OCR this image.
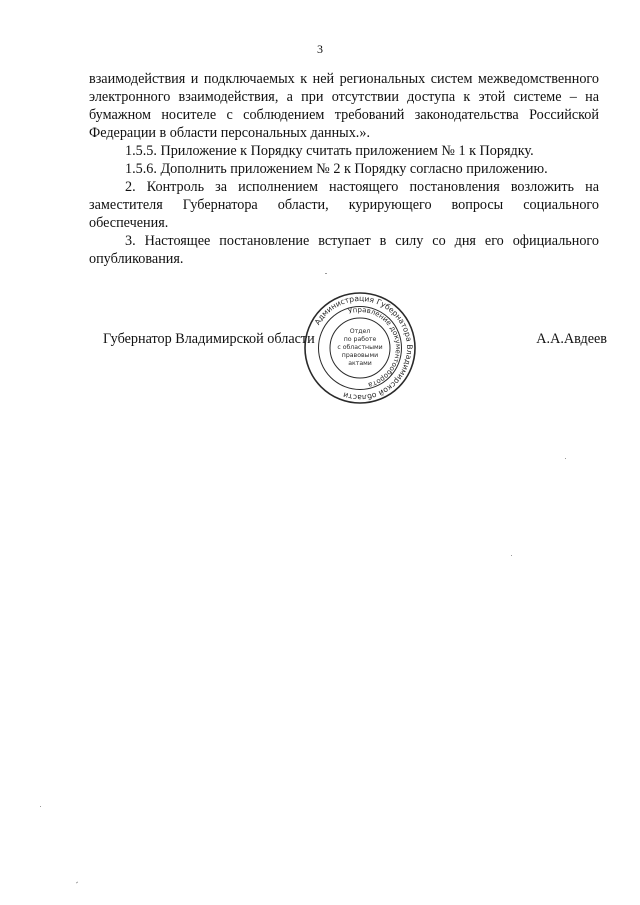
3

взаимодействия и подключаемых к ней региональных систем межведомственного электронного взаимодействия, а при отсутствии доступа к этой системе – на бумажном носителе с соблюдением требований законодательства Российской Федерации в области персональных данных.».

1.5.5. Приложение к Порядку считать приложением № 1 к Порядку.

1.5.6. Дополнить приложением № 2 к Порядку согласно приложению.

2. Контроль за исполнением настоящего постановления возложить на заместителя Губернатора области, курирующего вопросы социального обеспечения.

3. Настоящее постановление вступает в силу со дня его официального опубликования.

Губернатор Владимирской области	А.А.Авдеев
Администрация Губернатора Владимирской области
Управление документооборота
Отдел
по работе
с областными
правовыми
актами
